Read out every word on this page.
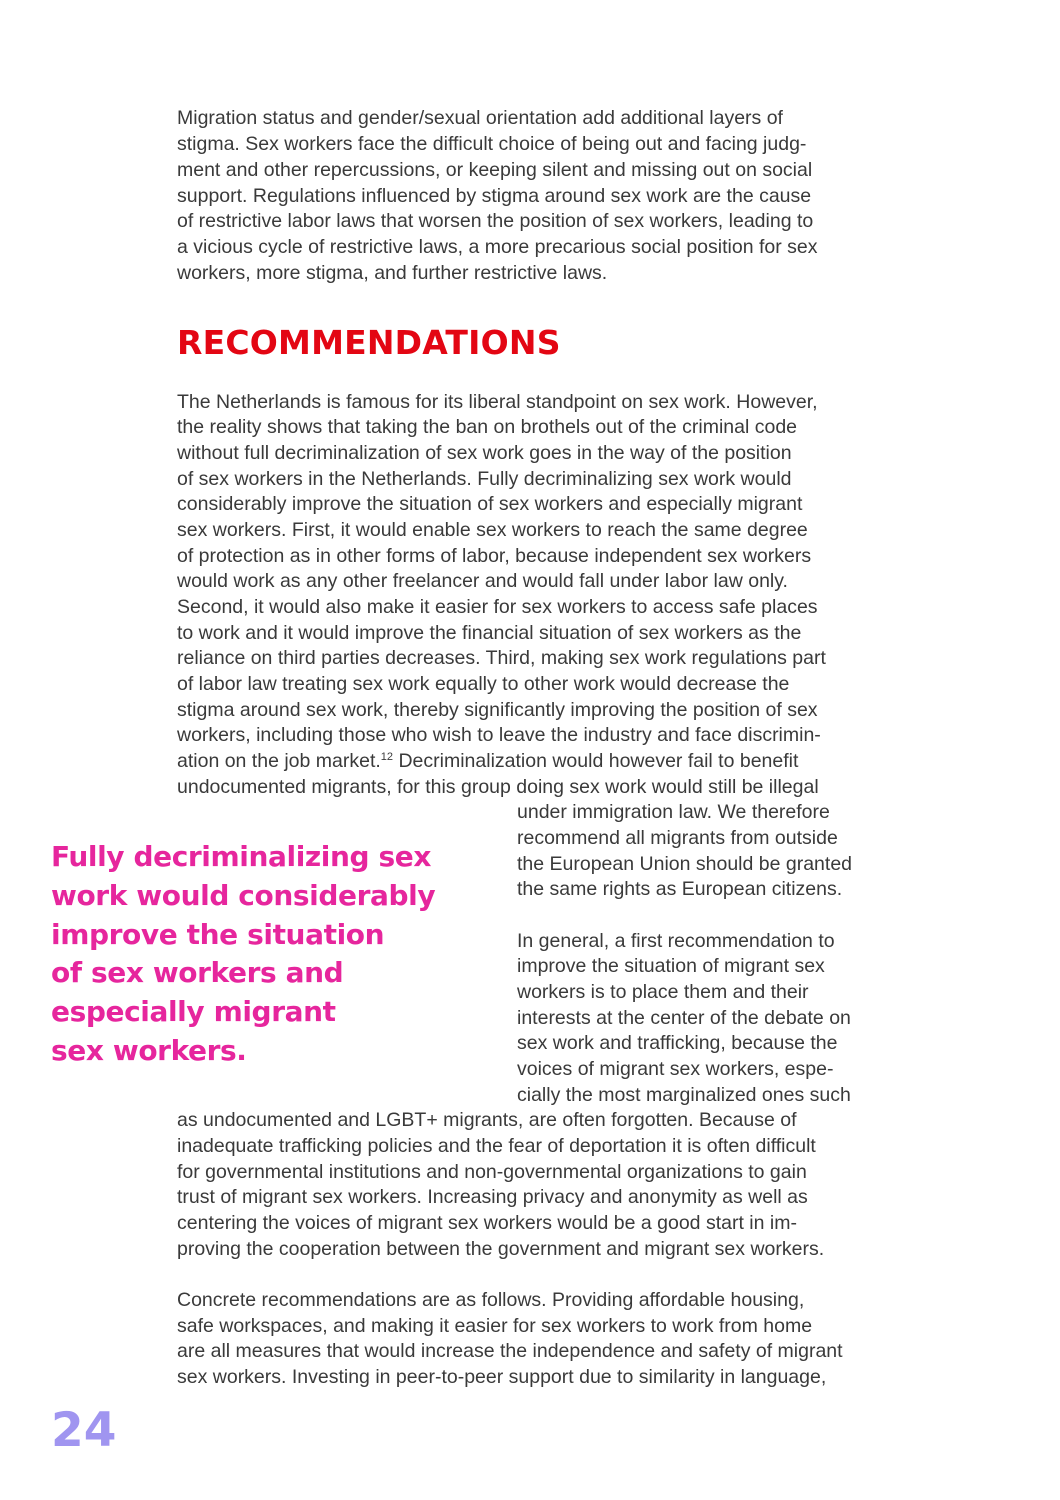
Migration status and gender/sexual orientation add additional layers of

stigma. Sex workers face the difficult choice of being out and facing judg-

ment and other repercussions, or keeping silent and missing out on social

support. Regulations influenced by stigma around sex work are the cause

of restrictive labor laws that worsen the position of sex workers, leading to

a vicious cycle of restrictive laws, a more precarious social position for sex

workers, more stigma, and further restrictive laws.

RECOMMENDATIONS

The Netherlands is famous for its liberal standpoint on sex work. However,

the reality shows that taking the ban on brothels out of the criminal code

without full decriminalization of sex work goes in the way of the position

of sex workers in the Netherlands. Fully decriminalizing sex work would

considerably improve the situation of sex workers and especially migrant

sex workers. First, it would enable sex workers to reach the same degree

of protection as in other forms of labor, because independent sex workers

would work as any other freelancer and would fall under labor law only.

Second, it would also make it easier for sex workers to access safe places

to work and it would improve the financial situation of sex workers as the

reliance on third parties decreases. Third, making sex work regulations part

of labor law treating sex work equally to other work would decrease the

stigma around sex work, thereby significantly improving the position of sex

workers, including those who wish to leave the industry and face discrimin-

ation on the job market.$^{12}$ Decriminalization would however fail to benefit

undocumented migrants, for this group doing sex work would still be illegal

under immigration law. We therefore

recommend all migrants from outside

the European Union should be granted

the same rights as European citizens.

Fully decriminalizing sex
work would considerably
improve the situation
of sex workers and
especially migrant
sex workers.

In general, a first recommendation to

improve the situation of migrant sex

workers is to place them and their

interests at the center of the debate on

sex work and trafficking, because the

voices of migrant sex workers, espe-

cially the most marginalized ones such

as undocumented and LGBT+ migrants, are often forgotten. Because of

inadequate trafficking policies and the fear of deportation it is often difficult

for governmental institutions and non-governmental organizations to gain

trust of migrant sex workers. Increasing privacy and anonymity as well as

centering the voices of migrant sex workers would be a good start in im-

proving the cooperation between the government and migrant sex workers.

Concrete recommendations are as follows. Providing affordable housing,

safe workspaces, and making it easier for sex workers to work from home

are all measures that would increase the independence and safety of migrant

sex workers. Investing in peer-to-peer support due to similarity in language,

24
